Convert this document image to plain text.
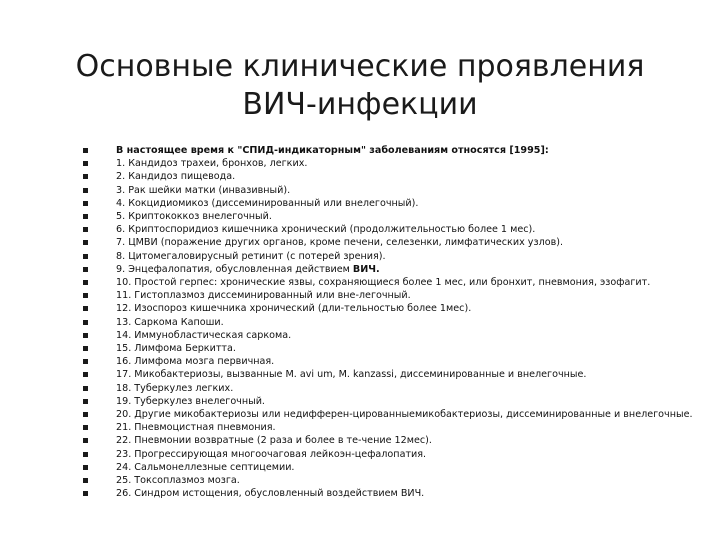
Основные клинические проявления
ВИЧ-инфекции
В настоящее время к "СПИД-индикаторным" заболеваниям относятся [1995]:
1. Кандидоз трахеи, бронхов, легких.
2. Кандидоз пищевода.
3. Рак шейки матки (инвазивный).
4. Кокцидиомикоз (диссеминированный или внелегочный).
5. Криптококкоз внелегочный.
6. Криптоспоридиоз кишечника хронический (продолжительностью более 1 мес).
7. ЦМВИ (поражение других органов, кроме печени, селезенки, лимфатических узлов).
8. Цитомегаловирусный ретинит (с потерей зрения).
9. Энцефалопатия, обусловленная действием ВИЧ.
10. Простой герпес: хронические язвы, сохраняющиеся более 1 мес, или бронхит, пневмония, эзофагит.
11. Гистоплазмоз диссеминированный или вне-легочный.
12. Изоспороз кишечника хронический (дли-тельностью более 1мес).
13. Саркома Капоши.
14. Иммунобластическая саркома.
15. Лимфома Беркитта.
16. Лимфома мозга первичная.
17. Микобактериозы, вызванные M. avi um, M. kanzassi, диссеминированные и внелегочные.
18. Туберкулез легких.
19. Туберкулез внелегочный.
20. Другие микобактериозы или недифферен-цированныемикобактериозы, диссеминированные и внелегочные.
21. Пневмоцистная пневмония.
22. Пневмонии возвратные (2 раза и более в те-чение 12мес).
23. Прогрессирующая многоочаговая лейкоэн-цефалопатия.
24. Сальмонеллезные септицемии.
25. Токсоплазмоз мозга.
26. Синдром истощения, обусловленный воздействием ВИЧ.
